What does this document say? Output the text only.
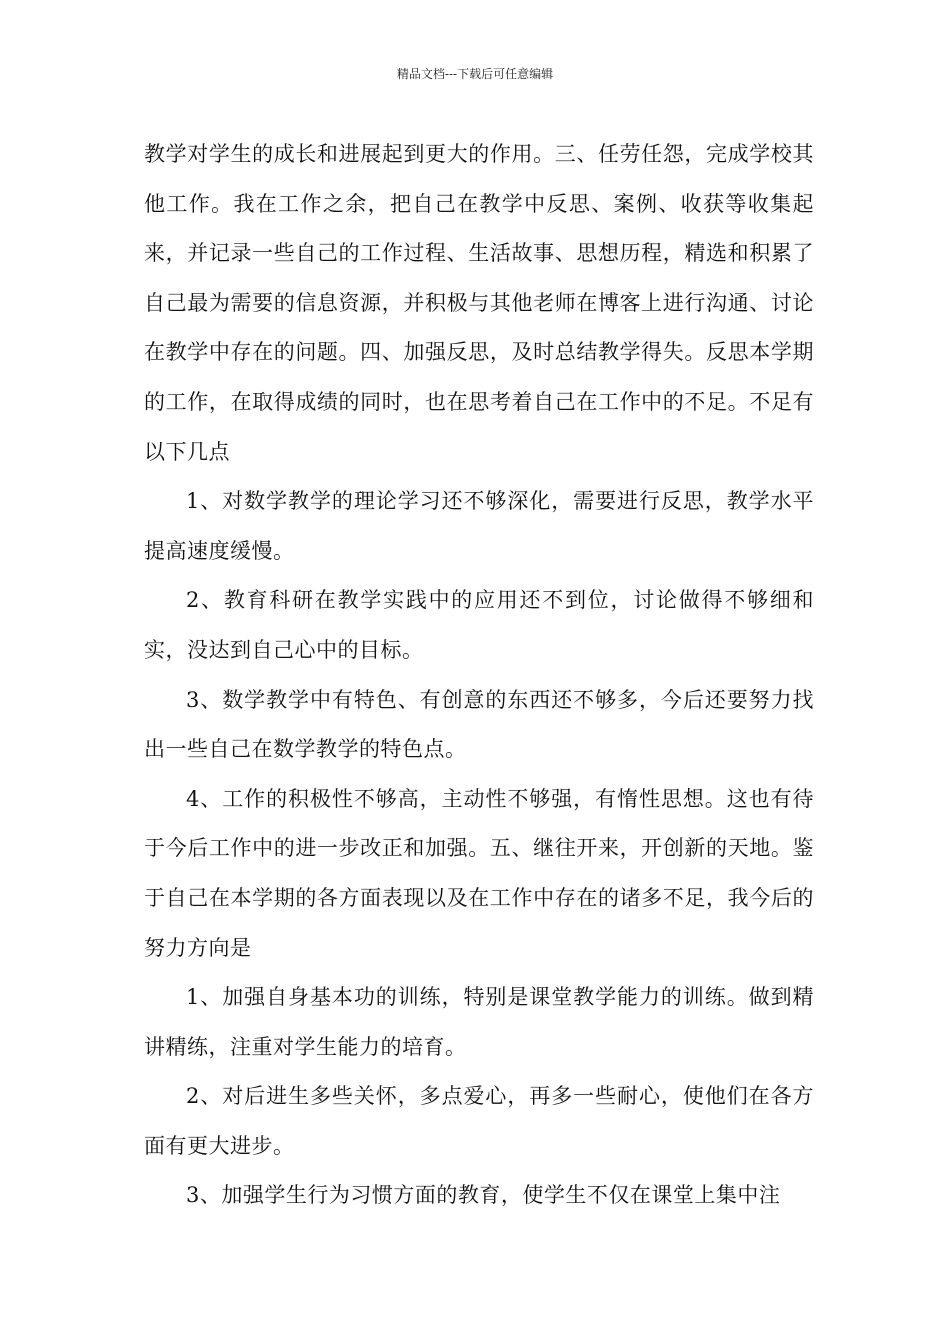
精品文档---下载后可任意编辑

教学对学生的成长和进展起到更大的作用。三、任劳任怨，完成学校其他工作。我在工作之余，把自己在教学中反思、案例、收获等收集起来，并记录一些自己的工作过程、生活故事、思想历程，精选和积累了自己最为需要的信息资源，并积极与其他老师在博客上进行沟通、讨论在教学中存在的问题。四、加强反思，及时总结教学得失。反思本学期的工作，在取得成绩的同时，也在思考着自己在工作中的不足。不足有以下几点

1、对数学教学的理论学习还不够深化，需要进行反思，教学水平提高速度缓慢。

2、教育科研在教学实践中的应用还不到位，讨论做得不够细和实，没达到自己心中的目标。

3、数学教学中有特色、有创意的东西还不够多，今后还要努力找出一些自己在数学教学的特色点。

4、工作的积极性不够高，主动性不够强，有惰性思想。这也有待于今后工作中的进一步改正和加强。五、继往开来，开创新的天地。鉴于自己在本学期的各方面表现以及在工作中存在的诸多不足，我今后的努力方向是

1、加强自身基本功的训练，特别是课堂教学能力的训练。做到精讲精练，注重对学生能力的培育。

2、对后进生多些关怀，多点爱心，再多一些耐心，使他们在各方面有更大进步。

3、加强学生行为习惯方面的教育，使学生不仅在课堂上集中注
